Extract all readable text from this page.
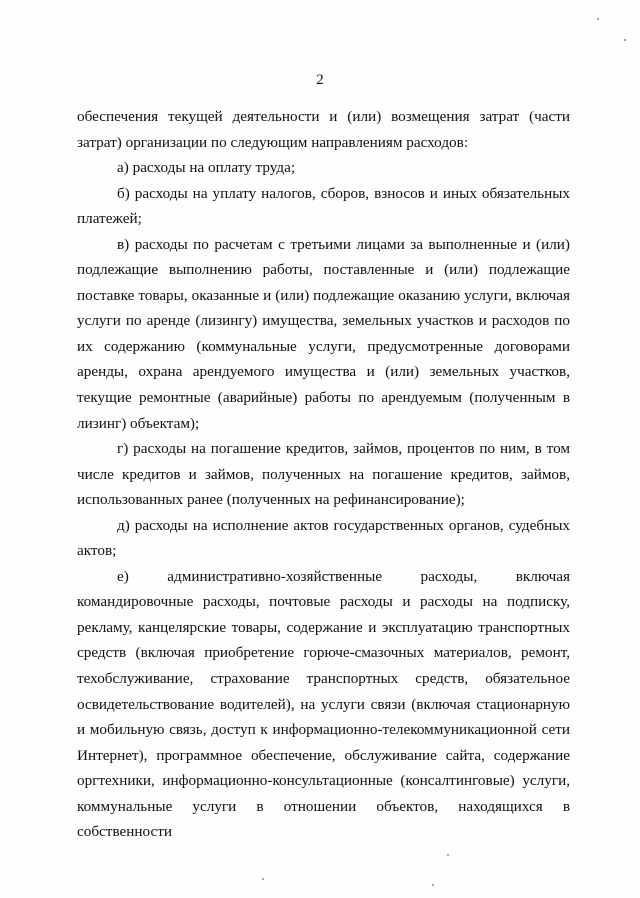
2

обеспечения текущей деятельности и (или) возмещения затрат (части затрат) организации по следующим направлениям расходов:

а) расходы на оплату труда;

б) расходы на уплату налогов, сборов, взносов и иных обязательных платежей;

в) расходы по расчетам с третьими лицами за выполненные и (или) подлежащие выполнению работы, поставленные и (или) подлежащие поставке товары, оказанные и (или) подлежащие оказанию услуги, включая услуги по аренде (лизингу) имущества, земельных участков и расходов по их содержанию (коммунальные услуги, предусмотренные договорами аренды, охрана арендуемого имущества и (или) земельных участков, текущие ремонтные (аварийные) работы по арендуемым (полученным в лизинг) объектам);

г) расходы на погашение кредитов, займов, процентов по ним, в том числе кредитов и займов, полученных на погашение кредитов, займов, использованных ранее (полученных на рефинансирование);

д) расходы на исполнение актов государственных органов, судебных актов;

е) административно-хозяйственные расходы, включая командировочные расходы, почтовые расходы и расходы на подписку, рекламу, канцелярские товары, содержание и эксплуатацию транспортных средств (включая приобретение горюче-смазочных материалов, ремонт, техобслуживание, страхование транспортных средств, обязательное освидетельствование водителей), на услуги связи (включая стационарную и мобильную связь, доступ к информационно-телекоммуникационной сети Интернет), программное обеспечение, обслуживание сайта, содержание оргтехники, информационно-консультационные (консалтинговые) услуги, коммунальные услуги в отношении объектов, находящихся в собственности
